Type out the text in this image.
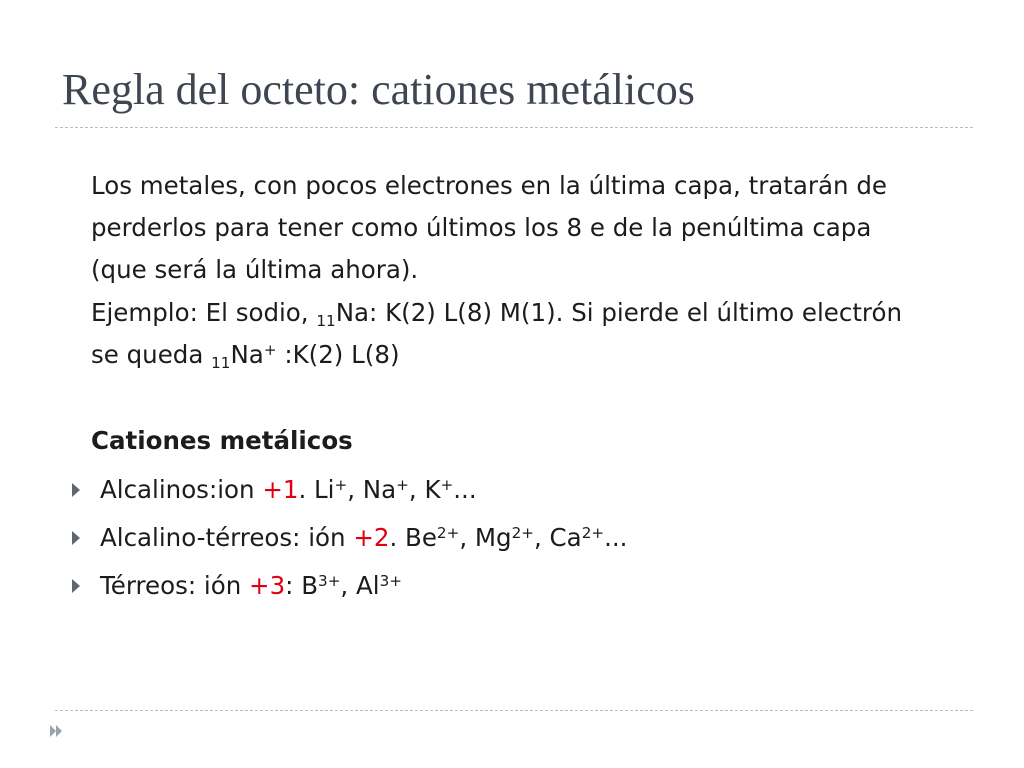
Regla del octeto: cationes metálicos

Los metales, con pocos electrones en la última capa, tratarán de
perderlos para tener como últimos los 8 e de la penúltima capa
(que será la última ahora).

Ejemplo: El sodio, 11Na: K(2) L(8) M(1). Si pierde el último electrón
se queda 11Na+ :K(2) L(8)

Cationes metálicos

Alcalinos:ion +1. Li+, Na+, K+...
Alcalino-térreos: ión +2. $Be^{2+}$, $Mg^{2+}$, $Ca^{2+}$...
Térreos: ión +3: $B^{3+}$, $Al^{3+}$
